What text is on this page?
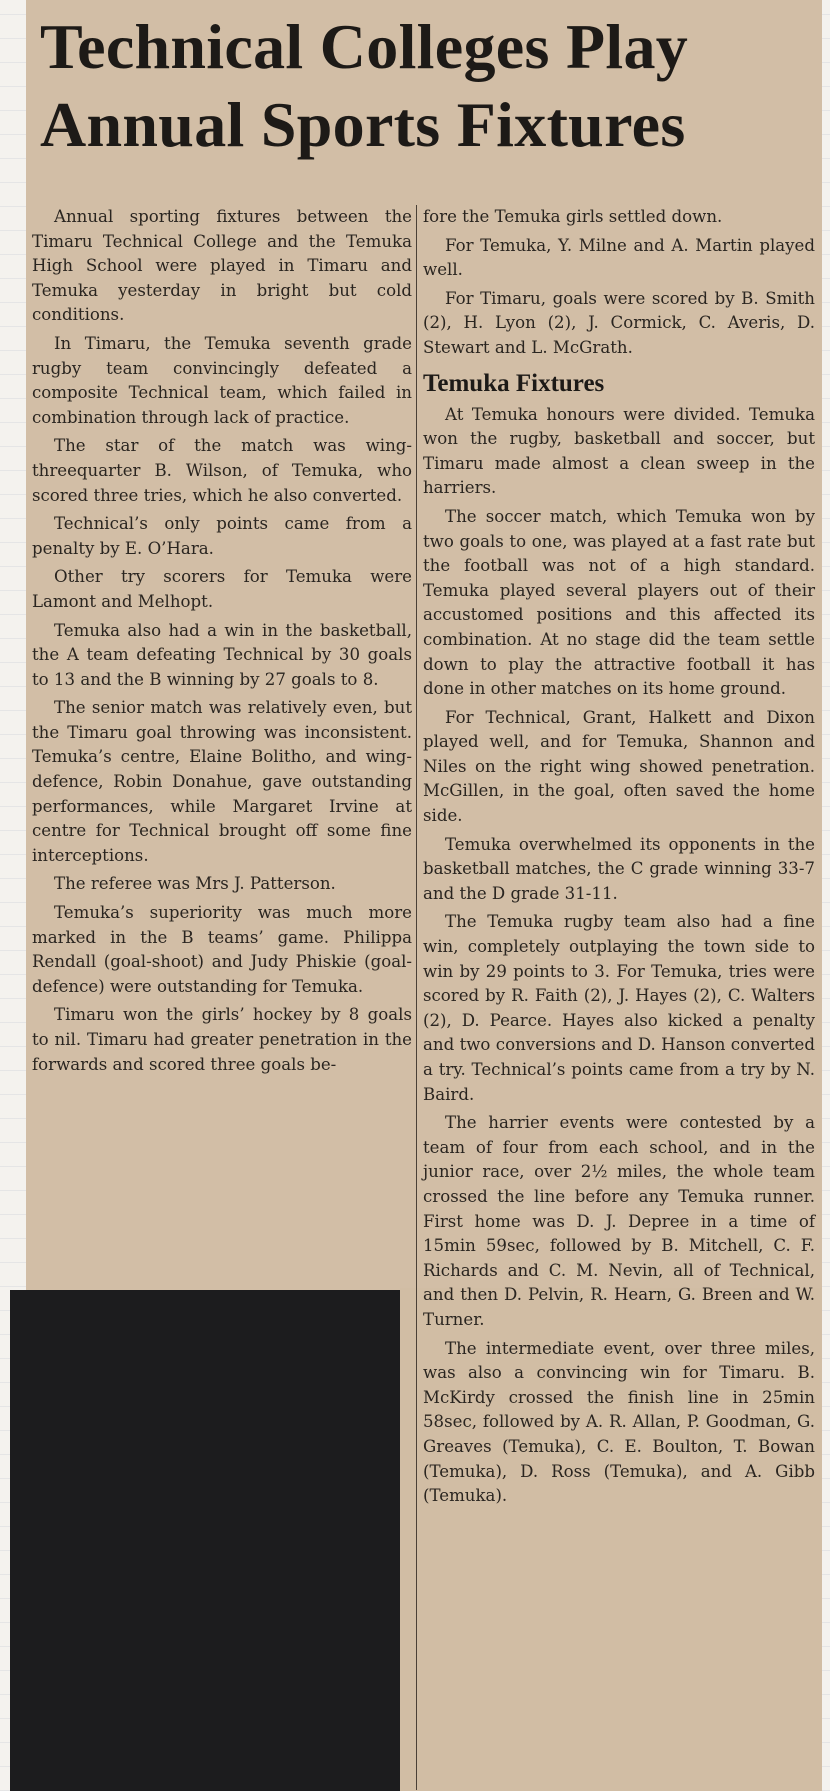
Technical Colleges Play Annual Sports Fixtures

Annual sporting fixtures between the Timaru Technical College and the Temuka High School were played in Timaru and Temuka yesterday in bright but cold conditions.

In Timaru, the Temuka seventh grade rugby team convincingly defeated a composite Technical team, which failed in combination through lack of practice.

The star of the match was wing-threequarter B. Wilson, of Temuka, who scored three tries, which he also converted.

Technical’s only points came from a penalty by E. O’Hara.

Other try scorers for Temuka were Lamont and Melhopt.

Temuka also had a win in the basketball, the A team defeating Technical by 30 goals to 13 and the B winning by 27 goals to 8.

The senior match was relatively even, but the Timaru goal throwing was inconsistent. Temuka’s centre, Elaine Bolitho, and wing-defence, Robin Donahue, gave outstanding performances, while Margaret Irvine at centre for Technical brought off some fine interceptions.

The referee was Mrs J. Patterson.

Temuka’s superiority was much more marked in the B teams’ game. Philippa Rendall (goal-shoot) and Judy Phiskie (goal-defence) were outstanding for Temuka.

Timaru won the girls’ hockey by 8 goals to nil. Timaru had greater penetration in the forwards and scored three goals be-

fore the Temuka girls settled down.

For Temuka, Y. Milne and A. Martin played well.

For Timaru, goals were scored by B. Smith (2), H. Lyon (2), J. Cormick, C. Averis, D. Stewart and L. McGrath.

Temuka Fixtures

At Temuka honours were divided. Temuka won the rugby, basketball and soccer, but Timaru made almost a clean sweep in the harriers.

The soccer match, which Temuka won by two goals to one, was played at a fast rate but the football was not of a high standard. Temuka played several players out of their accustomed positions and this affected its combination. At no stage did the team settle down to play the attractive football it has done in other matches on its home ground.

For Technical, Grant, Halkett and Dixon played well, and for Temuka, Shannon and Niles on the right wing showed penetration. McGillen, in the goal, often saved the home side.

Temuka overwhelmed its opponents in the basketball matches, the C grade winning 33-7 and the D grade 31-11.

The Temuka rugby team also had a fine win, completely outplaying the town side to win by 29 points to 3. For Temuka, tries were scored by R. Faith (2), J. Hayes (2), C. Walters (2), D. Pearce. Hayes also kicked a penalty and two conversions and D. Hanson converted a try. Technical’s points came from a try by N. Baird.

The harrier events were contested by a team of four from each school, and in the junior race, over 2½ miles, the whole team crossed the line before any Temuka runner. First home was D. J. Depree in a time of 15min 59sec, followed by B. Mitchell, C. F. Richards and C. M. Nevin, all of Technical, and then D. Pelvin, R. Hearn, G. Breen and W. Turner.

The intermediate event, over three miles, was also a convincing win for Timaru. B. McKirdy crossed the finish line in 25min 58sec, followed by A. R. Allan, P. Goodman, G. Greaves (Temuka), C. E. Boulton, T. Bowan (Temuka), D. Ross (Temuka), and A. Gibb (Temuka).
